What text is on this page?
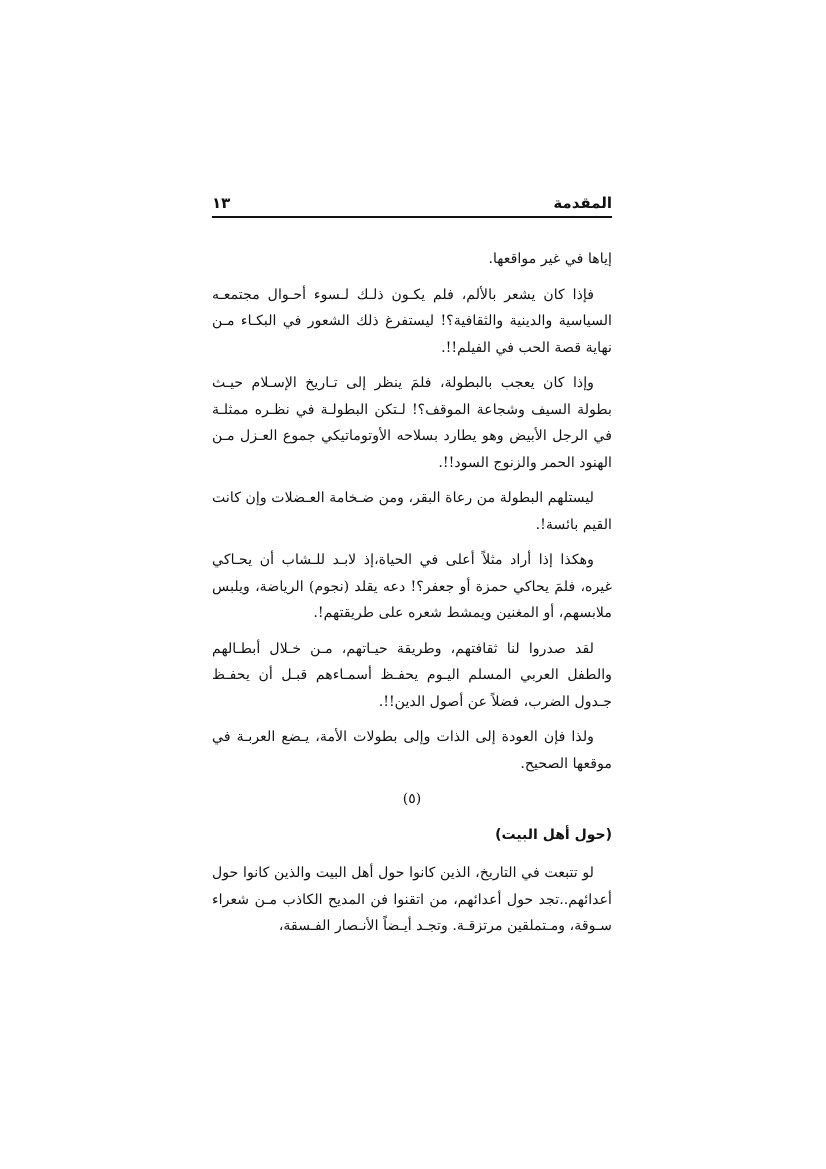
المقدمة
١٣

إياها في غير مواقعها.

فإذا كان يشعر بالألم، فلم يكـون ذلـك لـسوء أحـوال مجتمعـه السياسية والدينية والثقافية؟! ليستفرغ ذلك الشعور في البكـاء مـن نهاية قصة الحب في الفيلم!!.

وإذا كان يعجب بالبطولة، فلمَ ينظر إلى تـاريخ الإسـلام حيـث بطولة السيف وشجاعة الموقف؟! لـتكن البطولـة في نظـره ممثلـة في الرجل الأبيض وهو يطارد بسلاحه الأوتوماتيكي جموع العـزل مـن الهنود الحمر والزنوج السود!!.

ليستلهم البطولة من رعاة البقر، ومن ضـخامة العـضلات وإن كانت القيم بائسة!.

وهكذا إذا أراد مثلاً أعلى في الحياة،إذ لابـد للـشاب أن يحـاكي غيره، فلمَ يحاكي حمزة أو جعفر؟! دعه يقلد (نجوم) الرياضة، ويلبس ملابسهم، أو المغنين ويمشط شعره على طريقتهم!.

لقد صدروا لنا ثقافتهم، وطريقة حيـاتهم، مـن خـلال أبطـالهم والطفل العربي المسلم اليـوم يحفـظ أسمـاءهم قبـل أن يحفـظ جـدول الضرب، فضلاً عن أصول الدين!!.

ولذا فإن العودة إلى الذات وإلى بطولات الأمة، يـضع العربـة في موقعها الصحيح.

(٥)
(حول أهل البيت)

لو تتبعت في التاريخ، الذين كانوا حول أهل البيت والذين كانوا حول أعدائهم..تجد حول أعدائهم، من اتقنوا فن المديح الكاذب مـن شعراء سـوقة، ومـتملقين مرتزقـة. وتجـد أيـضاً الأنـصار الفـسقة،
